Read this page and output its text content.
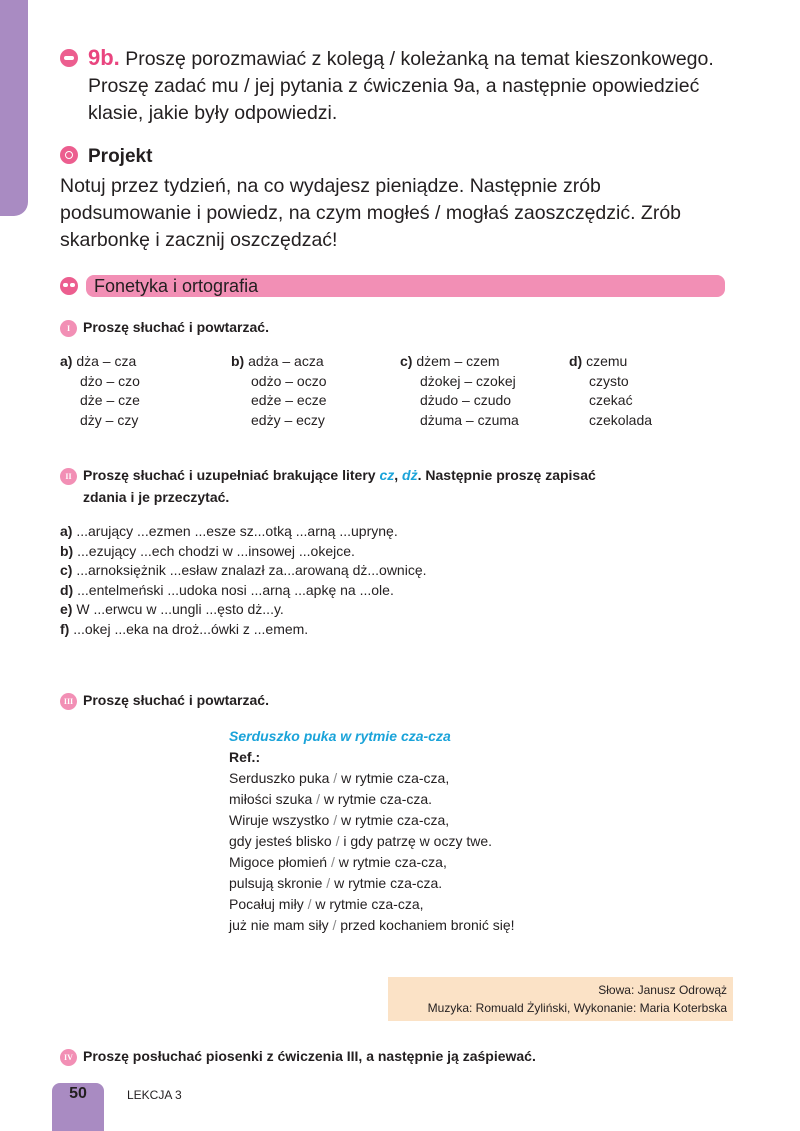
9b. Proszę porozmawiać z kolegą / koleżanką na temat kieszonkowego.
Proszę zadać mu / jej pytania z ćwiczenia 9a, a następnie opowiedzieć
klasie, jakie były odpowiedzi.
Projekt
Notuj przez tydzień, na co wydajesz pieniądze. Następnie zrób
podsumowanie i powiedz, na czym mogłeś / mogłaś zaoszczędzić. Zrób
skarbonkę i zacznij oszczędzać!
Fonetyka i ortografia
I Proszę słuchać i powtarzać.
a) dża – cza
dżo – czo
dże – cze
dży – czy
b) adża – acza
odżo – oczo
edże – ecze
edży – eczy
c) dżem – czem
dżokej – czokej
dżudo – czudo
dżuma – czuma
d) czemu
czysto
czekać
czekolada
II Proszę słuchać i uzupełniać brakujące litery cz, dż. Następnie proszę zapisać
zdania i je przeczytać.
a) ...arujący ...ezmen ...esze sz...otką ...arną ...uprynę.
b) ...ezujący ...ech chodzi w ...insowej ...okejce.
c) ...arnoksiężnik ...esław znalazł za...arowaną dż...ownicę.
d) ...entelmeński ...udoka nosi ...arną ...apkę na ...ole.
e) W ...erwcu w ...ungli ...ęsto dż...y.
f) ...okej ...eka na droż...ówki z ...emem.
III Proszę słuchać i powtarzać.
Serduszko puka w rytmie cza-cza
Ref.:
Serduszko puka / w rytmie cza-cza,
miłości szuka / w rytmie cza-cza.
Wiruje wszystko / w rytmie cza-cza,
gdy jesteś blisko / i gdy patrzę w oczy twe.
Migoce płomień / w rytmie cza-cza,
pulsują skronie / w rytmie cza-cza.
Pocałuj miły / w rytmie cza-cza,
już nie mam siły / przed kochaniem bronić się!
Słowa: Janusz Odrowąż
Muzyka: Romuald Żyliński, Wykonanie: Maria Koterbska
IV Proszę posłuchać piosenki z ćwiczenia III, a następnie ją zaśpiewać.
50	LEKCJA 3
